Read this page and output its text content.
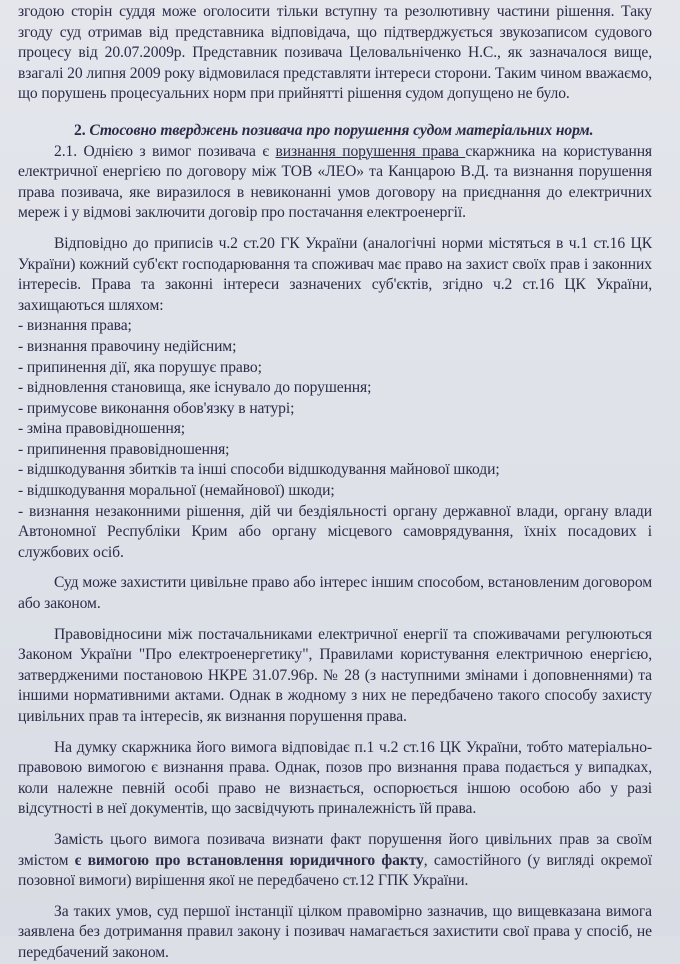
згодою сторін суддя може оголосити тільки вступну та резолютивну частини рішення. Таку згоду суд отримав від представника відповідача, що підтверджується звукозаписом судового процесу від 20.07.2009р. Представник позивача Целовальніченко Н.С., як зазначалося вище, взагалі 20 липня 2009 року відмовилася представляти інтереси сторони. Таким чином вважаємо, що порушень процесуальних норм при прийнятті рішення судом допущено не було.

2. Стосовно тверджень позивача про порушення судом матеріальних норм.

2.1. Однією з вимог позивача є визнання порушення права скаржника на користування електричної енергією по договору між ТОВ «ЛЕО» та Канцарою В.Д. та визнання порушення права позивача, яке виразилося в невиконанні умов договору на приєднання до електричних мереж і у відмові заключити договір про постачання електроенергії.

Відповідно до приписів ч.2 ст.20 ГК України (аналогічні норми містяться в ч.1 ст.16 ЦК України) кожний суб'єкт господарювання та споживач має право на захист своїх прав і законних інтересів. Права та законні інтереси зазначених суб'єктів, згідно ч.2 ст.16 ЦК України, захищаються шляхом:

- визнання права;
- визнання правочину недійсним;
- припинення дії, яка порушує право;
- відновлення становища, яке існувало до порушення;
- примусове виконання обов'язку в натурі;
- зміна правовідношення;
- припинення правовідношення;
- відшкодування збитків та інші способи відшкодування майнової шкоди;
- відшкодування моральної (немайнової) шкоди;
- визнання незаконними рішення, дій чи бездіяльності органу державної влади, органу влади Автономної Республіки Крим або органу місцевого самоврядування, їхніх посадових і службових осіб.

Суд може захистити цивільне право або інтерес іншим способом, встановленим договором або законом.

Правовідносини між постачальниками електричної енергії та споживачами регулюються Законом України "Про електроенергетику", Правилами користування електричною енергією, затвердженими постановою НКРЕ 31.07.96р. № 28 (з наступними змінами і доповненнями) та іншими нормативними актами. Однак в жодному з них не передбачено такого способу захисту цивільних прав та інтересів, як визнання порушення права.

На думку скаржника його вимога відповідає п.1 ч.2 ст.16 ЦК України, тобто матеріально-правовою вимогою є визнання права. Однак, позов про визнання права подається у випадках, коли належне певній особі право не визнається, оспорюється іншою особою або у разі відсутності в неї документів, що засвідчують приналежність їй права.

Замість цього вимога позивача визнати факт порушення його цивільних прав за своїм змістом є вимогою про встановлення юридичного факту, самостійного (у вигляді окремої позовної вимоги) вирішення якої не передбачено ст.12 ГПК України.

За таких умов, суд першої інстанції цілком правомірно зазначив, що вищевказана вимога заявлена без дотримання правил закону і позивач намагається захистити свої права у спосіб, не передбачений законом.
